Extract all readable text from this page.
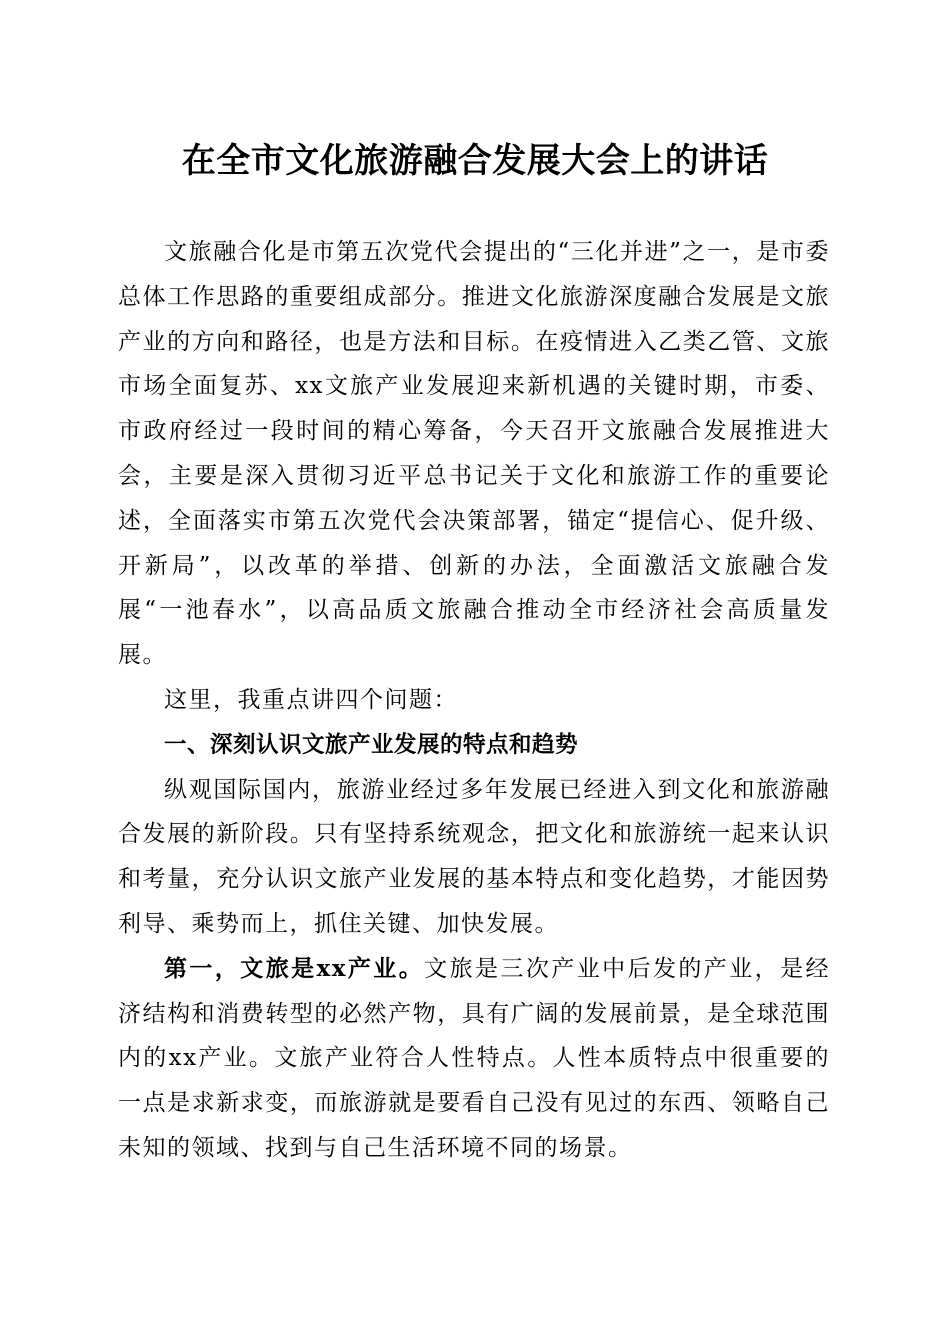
在全市文化旅游融合发展大会上的讲话

文旅融合化是市第五次党代会提出的“三化并进”之一，是市委总体工作思路的重要组成部分。推进文化旅游深度融合发展是文旅产业的方向和路径，也是方法和目标。在疫情进入乙类乙管、文旅市场全面复苏、xx文旅产业发展迎来新机遇的关键时期，市委、市政府经过一段时间的精心筹备，今天召开文旅融合发展推进大会，主要是深入贯彻习近平总书记关于文化和旅游工作的重要论述，全面落实市第五次党代会决策部署，锚定“提信心、促升级、开新局”，以改革的举措、创新的办法，全面激活文旅融合发展“一池春水”，以高品质文旅融合推动全市经济社会高质量发展。

这里，我重点讲四个问题：

一、深刻认识文旅产业发展的特点和趋势

纵观国际国内，旅游业经过多年发展已经进入到文化和旅游融合发展的新阶段。只有坚持系统观念，把文化和旅游统一起来认识和考量，充分认识文旅产业发展的基本特点和变化趋势，才能因势利导、乘势而上，抓住关键、加快发展。

第一，文旅是xx产业。文旅是三次产业中后发的产业，是经济结构和消费转型的必然产物，具有广阔的发展前景，是全球范围内的xx产业。文旅产业符合人性特点。人性本质特点中很重要的一点是求新求变，而旅游就是要看自己没有见过的东西、领略自己未知的领域、找到与自己生活环境不同的场景。
